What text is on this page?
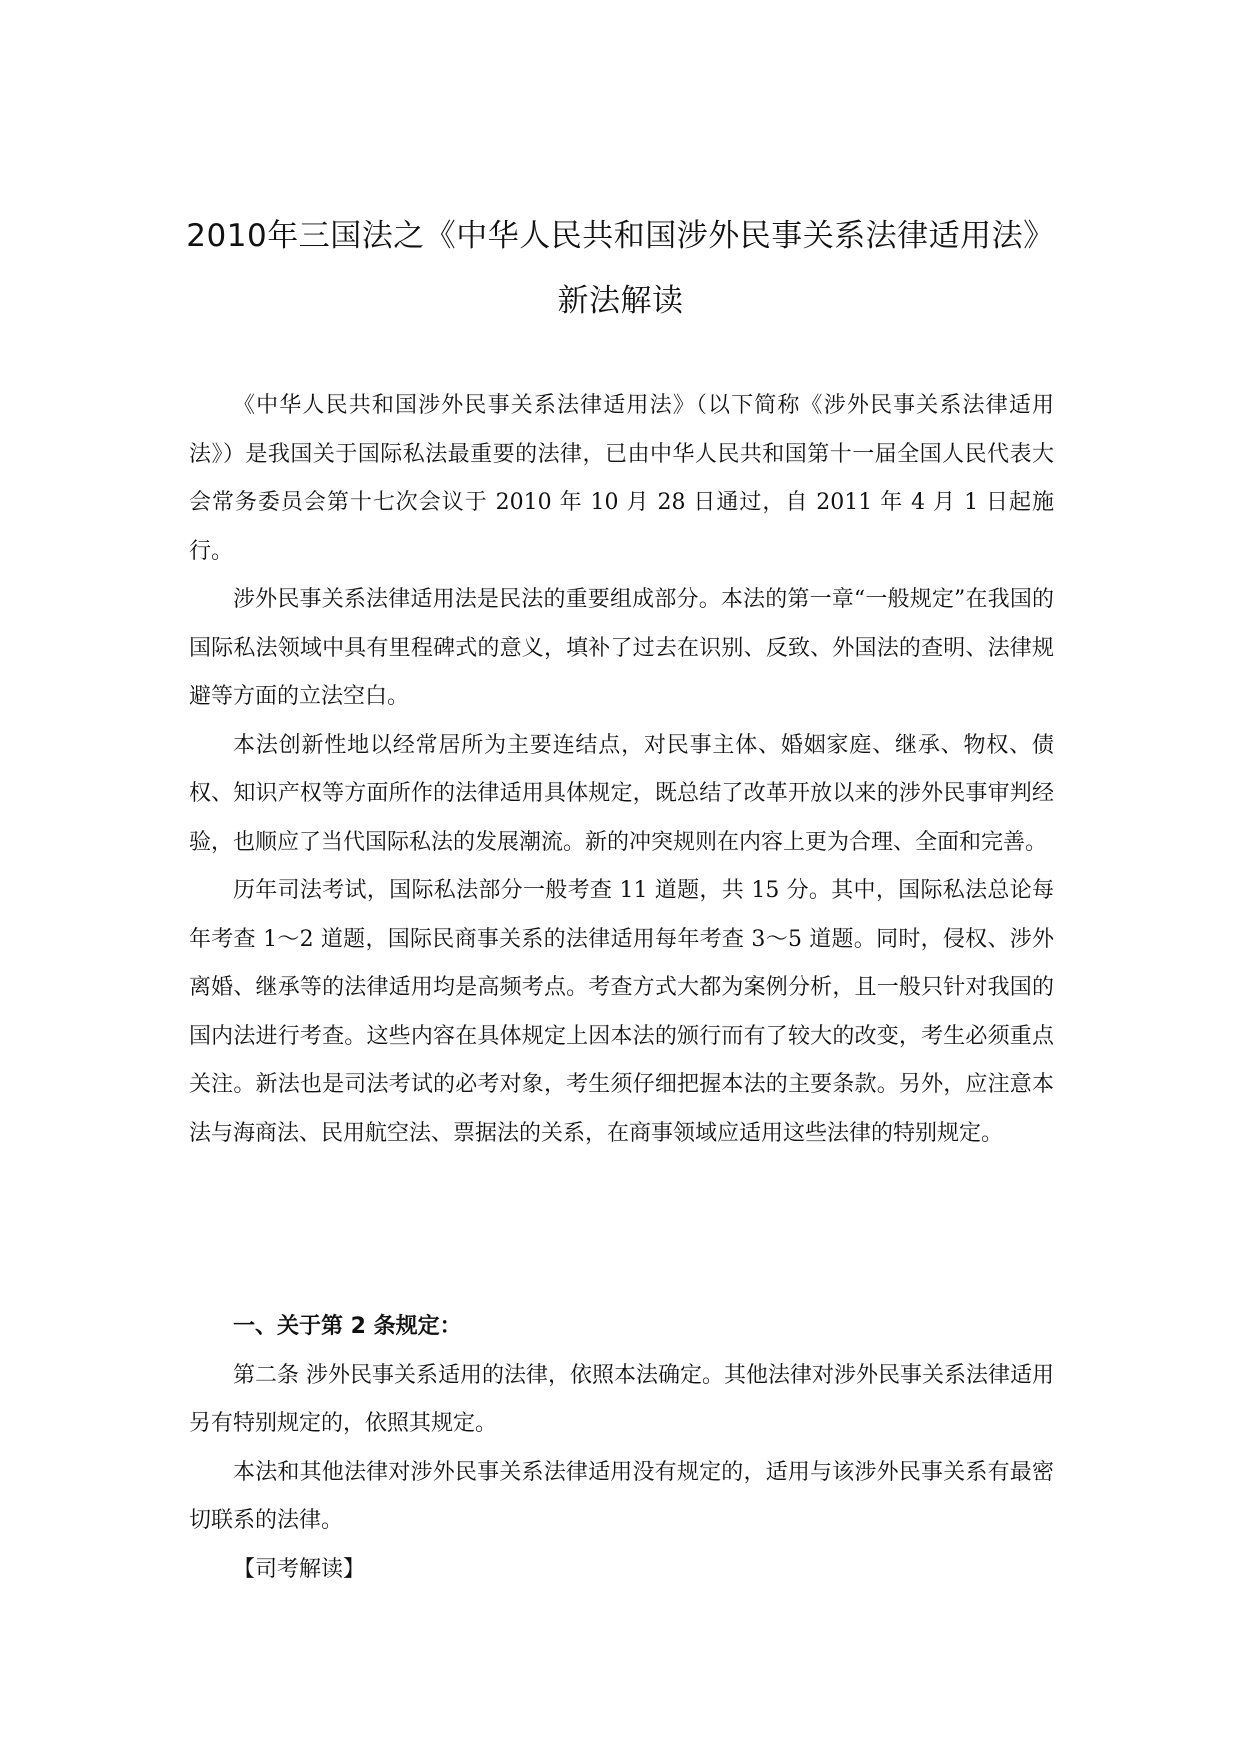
2010年三国法之《中华人民共和国涉外民事关系法律适用法》
新法解读

《中华人民共和国涉外民事关系法律适用法》（以下简称《涉外民事关系法律适用法》）是我国关于国际私法最重要的法律，已由中华人民共和国第十一届全国人民代表大会常务委员会第十七次会议于 2010 年 10 月 28 日通过，自 2011 年 4 月 1 日起施行。

涉外民事关系法律适用法是民法的重要组成部分。本法的第一章“一般规定”在我国的国际私法领域中具有里程碑式的意义，填补了过去在识别、反致、外国法的查明、法律规避等方面的立法空白。

本法创新性地以经常居所为主要连结点，对民事主体、婚姻家庭、继承、物权、债权、知识产权等方面所作的法律适用具体规定，既总结了改革开放以来的涉外民事审判经验，也顺应了当代国际私法的发展潮流。新的冲突规则在内容上更为合理、全面和完善。

历年司法考试，国际私法部分一般考查 11 道题，共 15 分。其中，国际私法总论每年考查 1～2 道题，国际民商事关系的法律适用每年考查 3～5 道题。同时，侵权、涉外离婚、继承等的法律适用均是高频考点。考查方式大都为案例分析，且一般只针对我国的国内法进行考查。这些内容在具体规定上因本法的颁行而有了较大的改变，考生必须重点关注。新法也是司法考试的必考对象，考生须仔细把握本法的主要条款。另外，应注意本法与海商法、民用航空法、票据法的关系，在商事领域应适用这些法律的特别规定。

一、关于第 2 条规定：

第二条 涉外民事关系适用的法律，依照本法确定。其他法律对涉外民事关系法律适用另有特别规定的，依照其规定。

本法和其他法律对涉外民事关系法律适用没有规定的，适用与该涉外民事关系有最密切联系的法律。

【司考解读】
